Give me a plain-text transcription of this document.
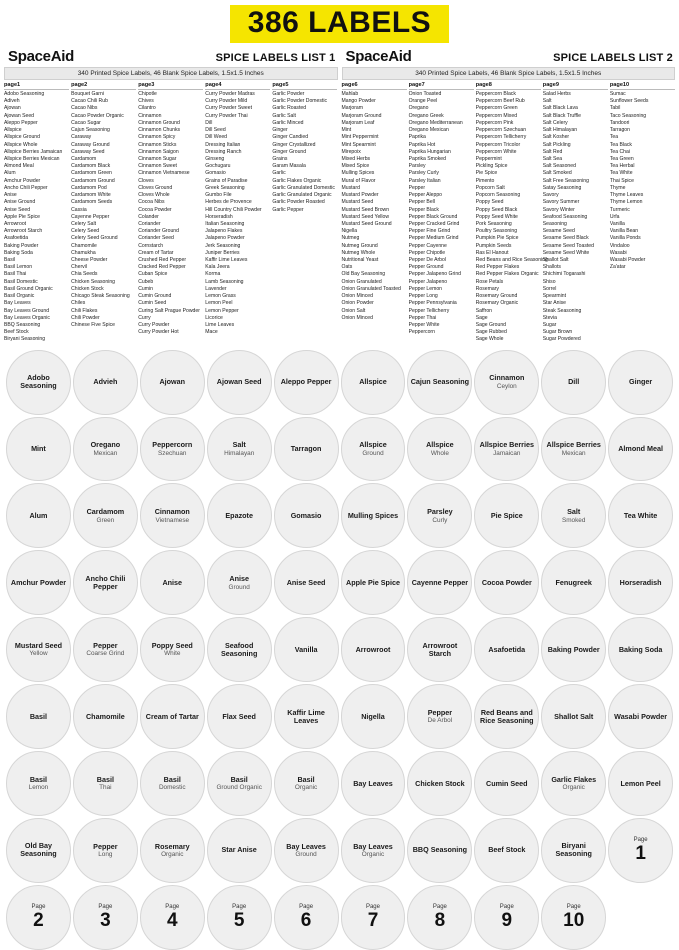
386 LABELS
SpaceAid	SPICE LABELS LIST 1
340 Printed Spice Labels, 46 Blank Spice Labels, 1.5x1.5 Inches
page1
Adobo Seasoning
Adiveh
Ajowan
Ajowan Seed
Aleppo Pepper
Allspice
Allspice Ground
Allspice Whole
Allspice Berries Jamaican
Allspice Berries Mexican
Almond Meal
Alum
Amchur Powder
Ancho Chili Pepper
Anise
Anise Ground
Anise Seed
Apple Pie Spice
Arrowroot
Arrowroot Starch
Asafoetida
Baking Powder
Baking Soda
Basil
Basil Lemon
Basil Thai
Basil Domestic
Basil Ground Organic
Basil Organic
Bay Leaves
Bay Leaves Ground
Bay Leaves Organic
BBQ Seasoning
Beef Stock
Biryani Seasoning
page2
Bouquet Garni
Cacao Chili Rub
Cacao Nibs
Cacao Powder Organic
Cacao Sugar
Cajun Seasoning
Caraway
Caraway Ground
Caraway Seed
Cardamom
Cardamom Black
Cardamom Green
Cardamom Ground
Cardamom Pod
Cardamom White
Cardamom Seeds
Cassia
Cayenne Pepper
Celery Salt
Celery Seed
Celery Seed Ground
Chamomile
Chamukha
Cheese Powder
Chervil
Chia Seeds
Chicken Seasoning
Chicken Stock
Chicago Steak Seasoning
Chiles
Chili Flakes
Chili Powder
Chinese Five Spice
page3
Chipotle
Chives
Cilantro
Cinnamon
Cinnamon Ground
Cinnamon Chunks
Cinnamon Spicy
Cinnamon Sticks
Cinnamon Saigon
Cinnamon Sugar
Cinnamon Sweet
Cinnamon Vietnamese
Cloves
Cloves Ground
Cloves Whole
Cocoa Nibs
Cocoa Powder
Colander
Coriander
Coriander Ground
Coriander Seed
Cornstarch
Cream of Tartar
Crushed Red Pepper
Cracked Red Pepper
Cuban Spice
Cubeb
Cumin
Cumin Ground
Cumin Seed
Curing Salt Prague Powder
Curry
Curry Powder
Curry Powder Hot
page4
Curry Powder Madras
Curry Powder Mild
Curry Powder Sweet
Curry Powder Thai
Dill
Dill Seed
Dill Weed
Dressing Italian
Dressing Ranch
Ginseng
Gochugaru
Gomasio
Grains of Paradise
Greek Seasoning
Gumbo File
Herbes de Provence
Hill Country Chili Powder
Horseradish
Italian Seasoning
Jalapeno Flakes
Jalapeno Powder
Jerk Seasoning
Juniper Berries
Kaffir Lime Leaves
Kala Jeera
Korma
Lamb Seasoning
Lavender
Lemon Grass
Lemon Peel
Lemon Pepper
Licorice
Lime Leaves
Mace
page5
Garlic Powder
Garlic Powder Domestic
Garlic Roasted
Garlic Salt
Garlic Minced
Ginger
Ginger Candied
Ginger Crystallized
Ginger Ground
Grains
Garam Masala
Garlic
Garlic Flakes Organic
Garlic Granulated Domestic
Garlic Granulated Organic
Garlic Powder Roasted
Garlic Pepper
SpaceAid	SPICE LABELS LIST 2
340 Printed Spice Labels, 46 Blank Spice Labels, 1.5x1.5 Inches
page6
Mahlab
Mango Powder
Marjoram
Marjoram Ground
Marjoram Leaf
Mint
Mint Peppermint
Mint Spearmint
Mirepoix
Mixed Herbs
Mixed Spice
Mulling Spices
Mural of Flavor
Mustard
Mustard Powder
Mustard Seed
Mustard Seed Brown
Mustard Seed Yellow
Mustard Seed Ground
Nigella
Nutmeg
Nutmeg Ground
Nutmeg Whole
Nutritional Yeast
Oats
Old Bay Seasoning
Onion Granulated
Onion Granulated Toasted
Onion Minced
Onion Powder
Onion Salt
Onion Minced
page7
Onion Toasted
Orange Peel
Oregano
Oregano Greek
Oregano Mediterranean
Oregano Mexican
Paprika
Paprika Hot
Paprika Hungarian
Paprika Smoked
Parsley
Parsley Curly
Parsley Italian
Pepper
Pepper Aleppo
Pepper Bell
Pepper Black
Pepper Black Ground
Pepper Cracked Grind
Pepper Fine Grind
Pepper Medium Grind
Pepper Cayenne
Pepper Chipotle
Pepper De Arbol
Pepper Ground
Pepper Jalapeno Grind
Pepper Jalapeno
Pepper Lemon
Pepper Long
Pepper Pennsylvania
Pepper Tellicherry
Pepper Thai
Pepper White
Peppercorn
page8
Peppercorn Black
Peppercorn Beef Rub
Peppercorn Green
Peppercorn Mixed
Peppercorn Pink
Peppercorn Szechuan
Peppercorn Tellicherry
Peppercorn Tricolor
Peppercorn White
Peppermint
Pickling Spice
Pie Spice
Pimento
Popcorn Salt
Popcorn Seasoning
Poppy Seed
Poppy Seed Black
Poppy Seed White
Pork Seasoning
Poultry Seasoning
Pumpkin Pie Spice
Pumpkin Seeds
Ras El Hanout
Red Beans and Rice Seasoning
Red Pepper Flakes
Red Pepper Flakes Organic
Rose Petals
Rosemary
Rosemary Ground
Rosemary Organic
Saffron
Sage
Sage Ground
Sage Rubbed
Sage Whole
page9
Salad Herbs
Salt
Salt Black Lava
Salt Black Truffle
Salt Celery
Salt Himalayan
Salt Kosher
Salt Pickling
Salt Red
Salt Sea
Salt Seasoned
Salt Smoked
Salt Free Seasoning
Satay Seasoning
Savory
Savory Summer
Savory Winter
Seafood Seasoning
Seasoning
Sesame Seed
Sesame Seed Black
Sesame Seed Toasted
Sesame Seed White
Shallot Salt
Shallots
Shichimi Togarashi
Shiso
Sorrel
Spearmint
Star Anise
Steak Seasoning
Stevia
Sugar
Sugar Brown
Sugar Powdered
page10
Sumac
Sunflower Seeds
Tabil
Taco Seasoning
Tandoori
Tarragon
Tea
Tea Black
Tea Chai
Tea Green
Tea Herbal
Tea White
Thai Spice
Thyme
Thyme Leaves
Thyme Lemon
Turmeric
Urfa
Vanilla
Vanilla Bean
Vanilla Ponds
Vindaloo
Wasabi
Wasabi Powder
Za'atar
Adobo Seasoning	Advieh	Ajowan	Ajowan Seed	Aleppo Pepper	Allspice	Cajun Seasoning	Cinnamon
Ceylon
Dill	Ginger
Mint	Oregano
Mexican
Peppercorn
Szechuan
Salt
Himalayan
Tarragon	Allspice
Ground
Allspice
Whole
Allspice Berries
Jamaican
Allspice Berries
Mexican
Almond Meal
Alum	Cardamom
Green
Cinnamon
Vietnamese
Epazote	Gomasio	Mulling Spices	Parsley
Curly
Pie Spice	Salt
Smoked
Tea White
Amchur Powder	Ancho Chili Pepper	Anise	Anise
Ground
Anise Seed	Apple Pie Spice Cayenne Pepper Cocoa Powder	Fenugreek	Horseradish
Mustard Seed
Yellow
Pepper
Coarse Grind
Poppy Seed
White
Seafood Seasoning	Vanilla	Arrowroot	Arrowroot Starch	Asafoetida	Baking Powder	Baking Soda
Basil	Chamomile	Cream of Tartar	Flax Seed	Kaffir Lime Leaves	Nigella	Pepper
De Arbol
Red Beans and Rice Seasoning	Shallot Salt	Wasabi Powder
Basil
Lemon
Basil
Thai
Basil
Domestic
Basil
Ground Organic
Basil
Organic
Bay Leaves	Chicken Stock	Cumin Seed	Garlic Flakes
Organic
Lemon Peel
Old Bay Seasoning
Pepper
Long
Rosemary
Organic
Star Anise	Bay Leaves
Ground
Bay Leaves
Organic
BBQ Seasoning	Beef Stock	Biryani Seasoning
Page
1
Page
2
Page
3
Page
4
Page
5
Page
6
Page
7
Page
8
Page
9
Page
10
